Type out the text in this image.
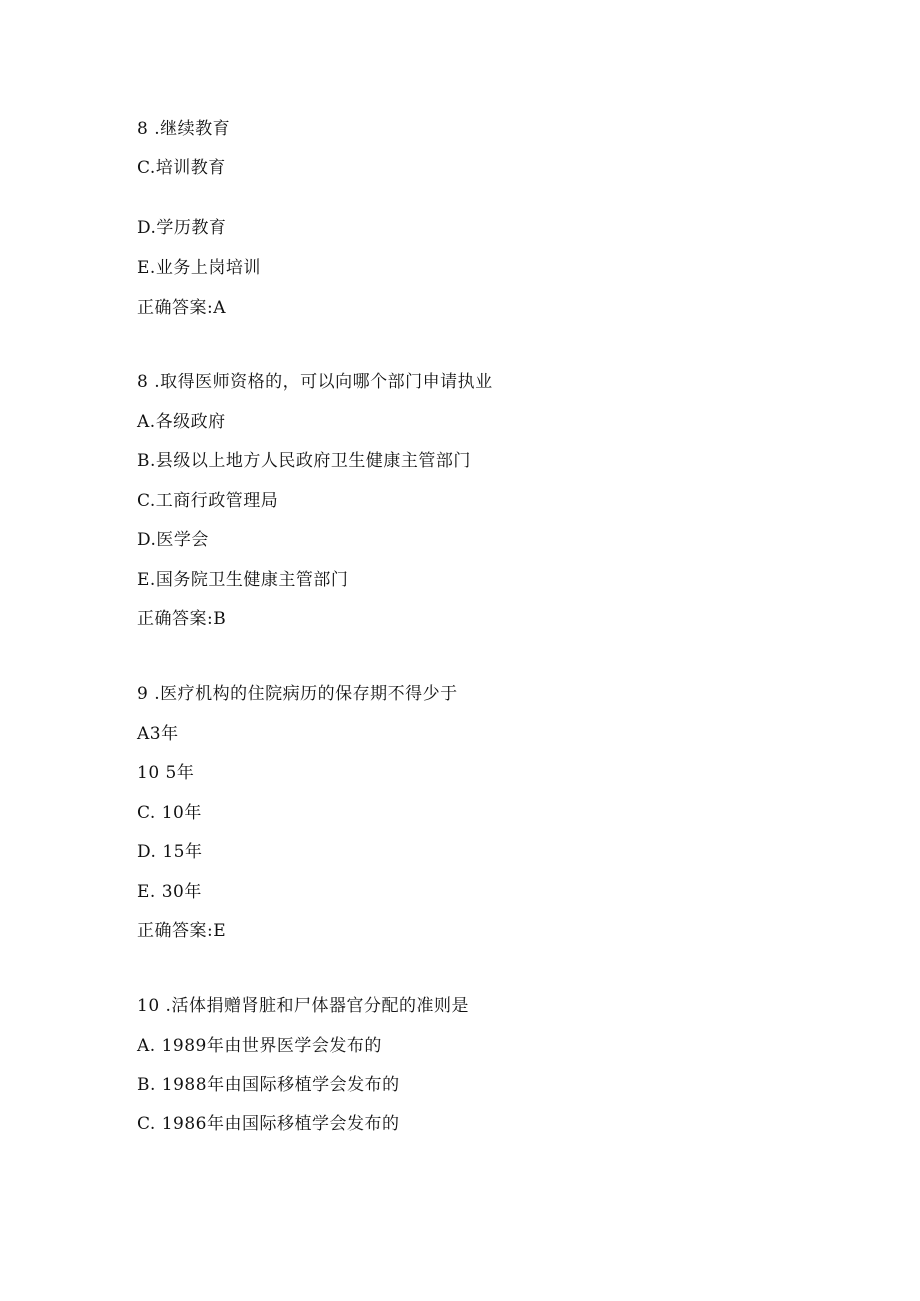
8 .继续教育
C.培训教育
D.学历教育
E.业务上岗培训
正确答案:A
8 .取得医师资格的，可以向哪个部门申请执业
A.各级政府
B.县级以上地方人民政府卫生健康主管部门
C.工商行政管理局
D.医学会
E.国务院卫生健康主管部门
正确答案:B
9 .医疗机构的住院病历的保存期不得少于
A3年
10 5年
C. 10年
D. 15年
E. 30年
正确答案:E
10 .活体捐赠肾脏和尸体器官分配的准则是
A. 1989年由世界医学会发布的
B. 1988年由国际移植学会发布的
C. 1986年由国际移植学会发布的
